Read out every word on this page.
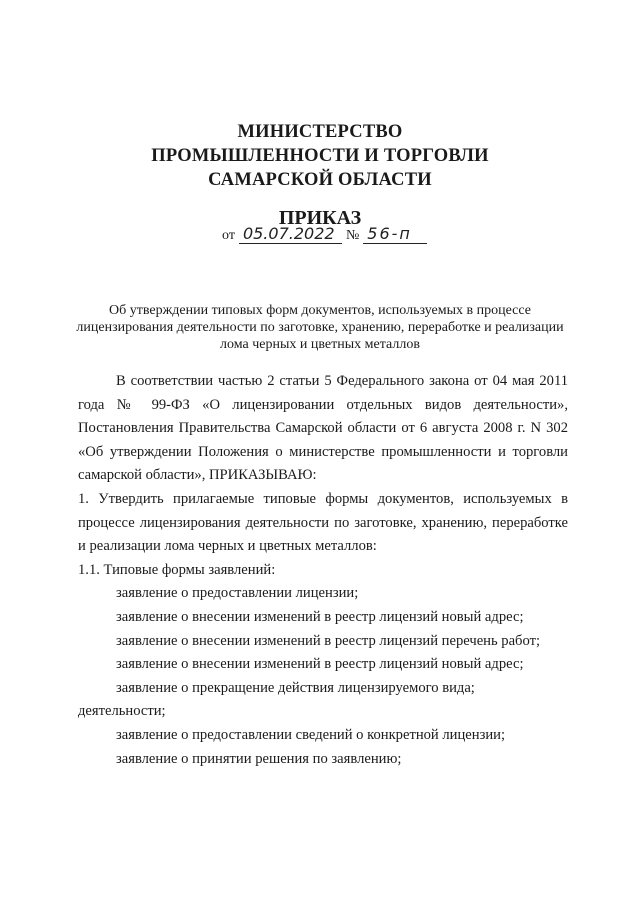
МИНИСТЕРСТВО
ПРОМЫШЛЕННОСТИ И ТОРГОВЛИ
САМАРСКОЙ ОБЛАСТИ
ПРИКАЗ
от 05.07.2022 № 56-п
Об утверждении типовых форм документов, используемых в процессе лицензирования деятельности по заготовке, хранению, переработке и реализации лома черных и цветных металлов

В соответствии частью 2 статьи 5 Федерального закона от 04 мая 2011 года № 99-ФЗ «О лицензировании отдельных видов деятельности», Постановления Правительства Самарской области от 6 августа 2008 г. N 302 «Об утверждении Положения о министерстве промышленности и торговли самарской области», ПРИКАЗЫВАЮ:

1. Утвердить прилагаемые типовые формы документов, используемых в процессе лицензирования деятельности по заготовке, хранению, переработке и реализации лома черных и цветных металлов:

1.1. Типовые формы заявлений:

заявление о предоставлении лицензии;

заявление о внесении изменений в реестр лицензий новый адрес;

заявление о внесении изменений в реестр лицензий перечень работ;

заявление о внесении изменений в реестр лицензий новый адрес;

заявление о прекращение действия лицензируемого вида;

деятельности;

заявление о предоставлении сведений о конкретной лицензии;

заявление о принятии решения по заявлению;
